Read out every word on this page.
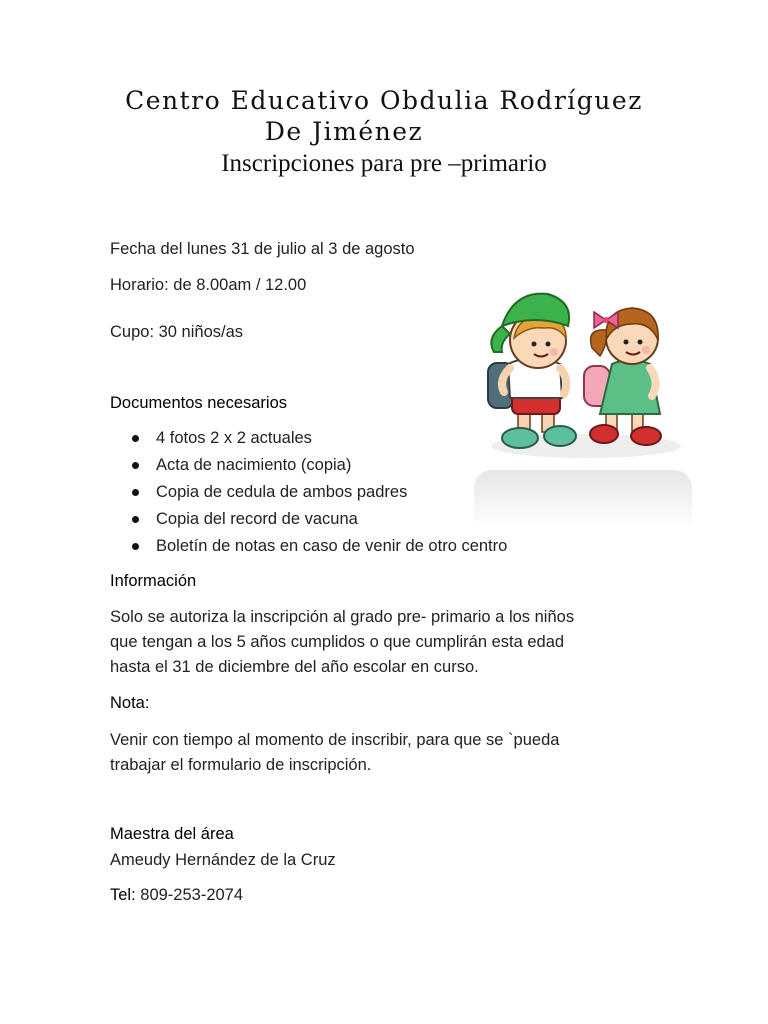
Centro Educativo Obdulia Rodríguez
De Jiménez
Inscripciones para pre –primario
Fecha del lunes 31 de julio al 3 de agosto
Horario: de 8.00am / 12.00
Cupo: 30 niños/as
Documentos necesarios
4 fotos 2 x 2 actuales
Acta de nacimiento (copia)
Copia de cedula de ambos padres
Copia del record de vacuna
Boletín de notas en caso de venir de otro centro
Información
Solo se autoriza la inscripción al grado pre- primario a los niños
que tengan a los 5 años cumplidos o que cumplirán esta edad
hasta el 31 de diciembre del año escolar en curso.
Nota:
Venir con tiempo al momento de inscribir, para que se `pueda
trabajar el formulario de inscripción.
Maestra del área
Ameudy Hernández de la Cruz
Tel: 809-253-2074
